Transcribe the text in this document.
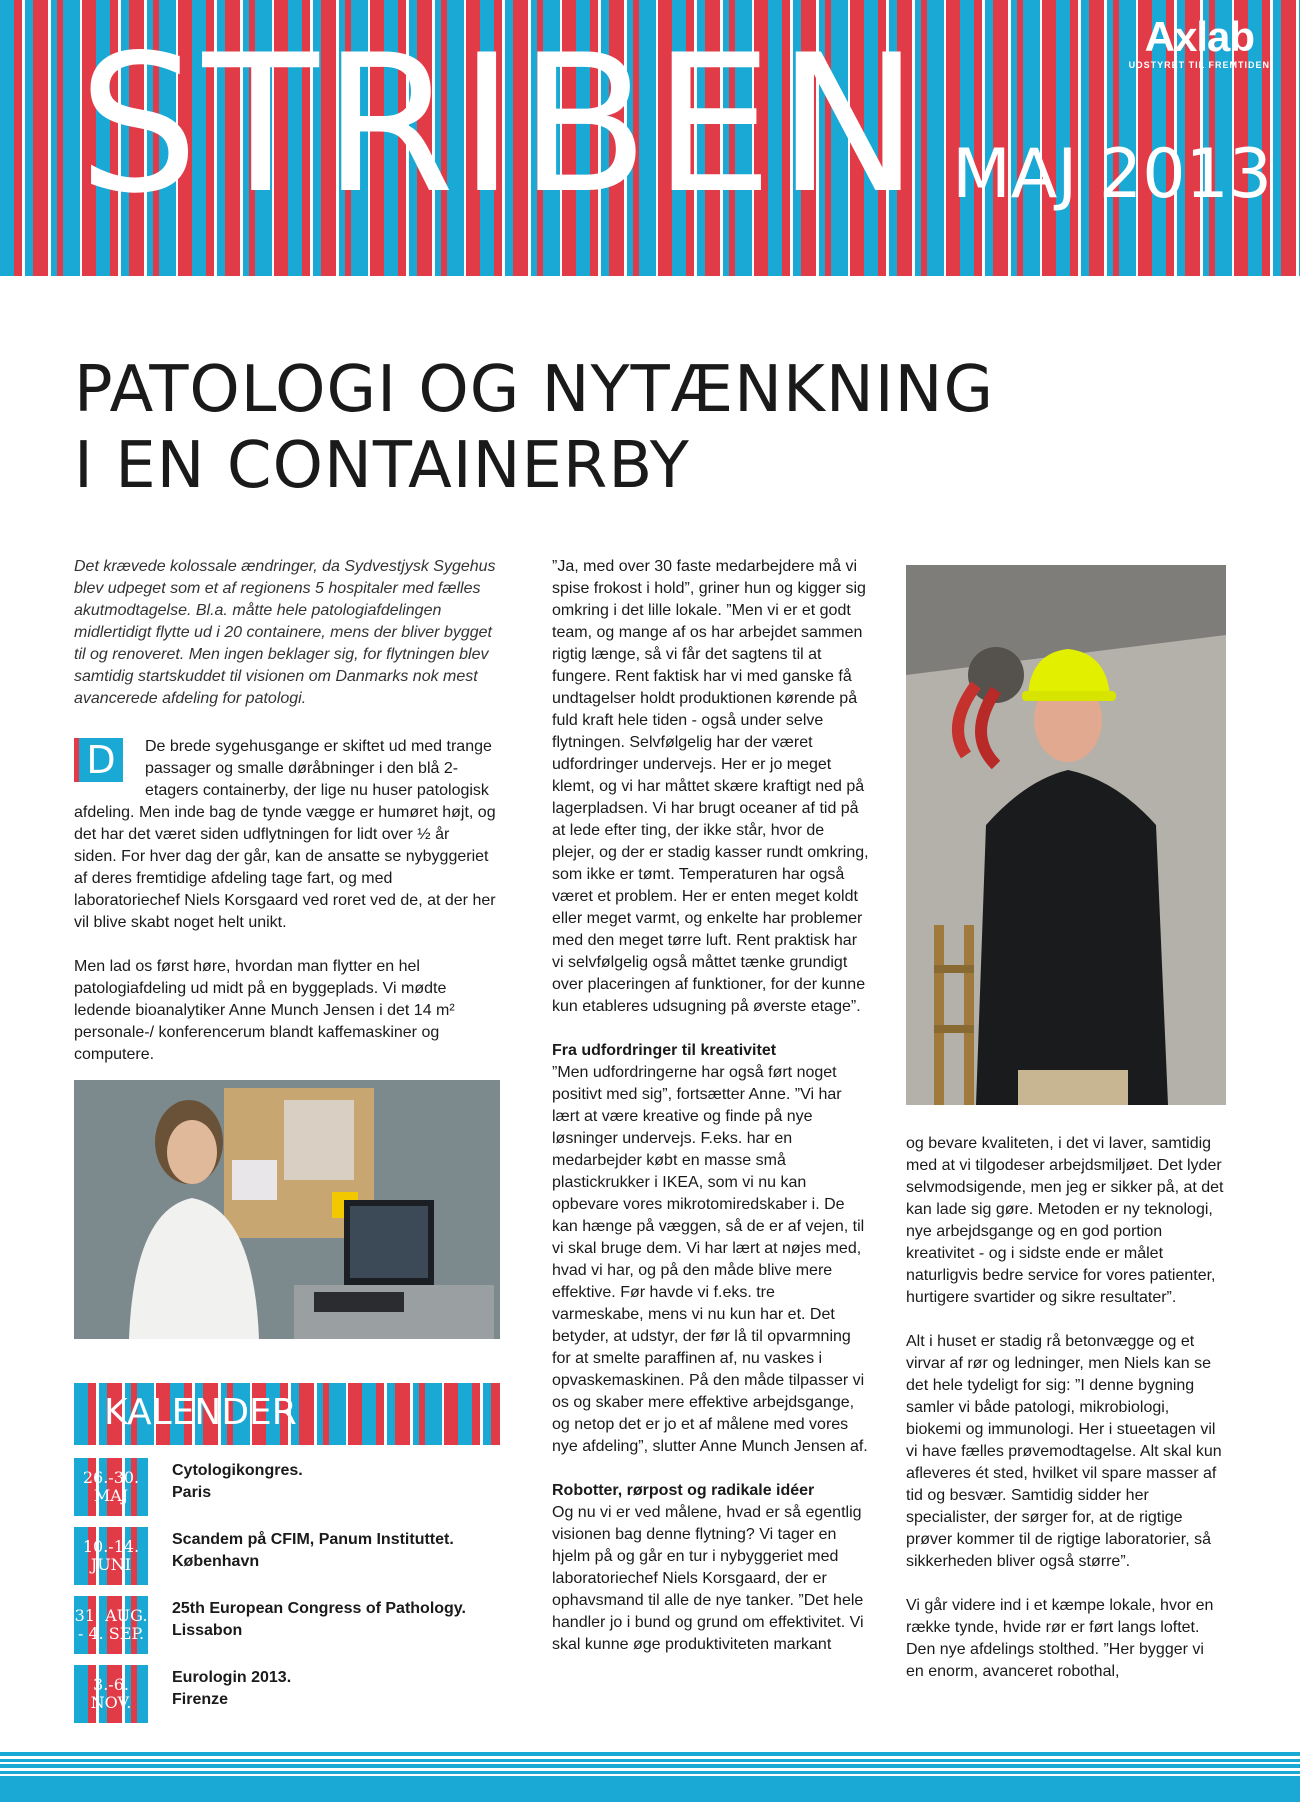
STRIBEN MAJ 2013
Axlab
UDSTYRET TIL FREMTIDEN
PATOLOGI OG NYTÆNKNING
I EN CONTAINERBY

Det krævede kolossale ændringer, da Sydvestjysk Sygehus blev udpeget som et af regionens 5 hospitaler med fælles akutmodtagelse. Bl.a. måtte hele patologiafdelingen midlertidigt flytte ud i 20 containere, mens der bliver bygget til og renoveret. Men ingen beklager sig, for flytningen blev samtidig startskuddet til visionen om Danmarks nok mest avancerede afdeling for patologi.

D	De brede sygehusgange er skiftet ud med trange passager og smalle døråbninger i den blå 2-etagers containerby, der lige nu huser patologisk afdeling. Men inde bag de tynde vægge er humøret højt, og det har det været siden udflytningen for lidt over ½ år siden. For hver dag der går, kan de ansatte se nybyggeriet af deres fremtidige afdeling tage fart, og med laboratoriechef Niels Korsgaard ved roret ved de, at der her vil blive skabt noget helt unikt.

Men lad os først høre, hvordan man flytter en hel patologiafdeling ud midt på en byggeplads. Vi mødte ledende bioanalytiker Anne Munch Jensen i det 14 m² personale-/ konferencerum blandt kaffemaskiner og computere.

KALENDER
26.-30.
MAJ
Cytologikongres.
Paris
10.-14.
JUNI
Scandem på CFIM, Panum Instituttet.
København
31. AUG.
- 4. SEP.
25th European Congress of Pathology.
Lissabon
3.-6.
NOV.
Eurologin 2013.
Firenze

”Ja, med over 30 faste medarbejdere må vi spise frokost i hold”, griner hun og kigger sig omkring i det lille lokale. ”Men vi er et godt team, og mange af os har arbejdet sammen rigtig længe, så vi får det sagtens til at fungere. Rent faktisk har vi med ganske få undtagelser holdt produktionen kørende på fuld kraft hele tiden - også under selve flytningen. Selvfølgelig har der været udfordringer undervejs. Her er jo meget klemt, og vi har måttet skære kraftigt ned på lagerpladsen. Vi har brugt oceaner af tid på at lede efter ting, der ikke står, hvor de plejer, og der er stadig kasser rundt omkring, som ikke er tømt. Temperaturen har også været et problem. Her er enten meget koldt eller meget varmt, og enkelte har problemer med den meget tørre luft. Rent praktisk har vi selvfølgelig også måttet tænke grundigt over placeringen af funktioner, for der kunne kun etableres udsugning på øverste etage”.

Fra udfordringer til kreativitet

”Men udfordringerne har også ført noget positivt med sig”, fortsætter Anne. ”Vi har lært at være kreative og finde på nye løsninger undervejs. F.eks. har en medarbejder købt en masse små plastickrukker i IKEA, som vi nu kan opbevare vores mikrotomiredskaber i. De kan hænge på væggen, så de er af vejen, til vi skal bruge dem. Vi har lært at nøjes med, hvad vi har, og på den måde blive mere effektive. Før havde vi f.eks. tre varmeskabe, mens vi nu kun har et. Det betyder, at udstyr, der før lå til opvarmning for at smelte paraffinen af, nu vaskes i opvaskemaskinen. På den måde tilpasser vi os og skaber mere effektive arbejdsgange, og netop det er jo et af målene med vores nye afdeling”, slutter Anne Munch Jensen af.

Robotter, rørpost og radikale idéer

Og nu vi er ved målene, hvad er så egentlig visionen bag denne flytning? Vi tager en hjelm på og går en tur i nybyggeriet med laboratoriechef Niels Korsgaard, der er ophavsmand til alle de nye tanker. ”Det hele handler jo i bund og grund om effektivitet. Vi skal kunne øge produktiviteten markant

og bevare kvaliteten, i det vi laver, samtidig med at vi tilgodeser arbejdsmiljøet. Det lyder selvmodsigende, men jeg er sikker på, at det kan lade sig gøre. Metoden er ny teknologi, nye arbejdsgange og en god portion kreativitet - og i sidste ende er målet naturligvis bedre service for vores patienter, hurtigere svartider og sikre resultater”.

Alt i huset er stadig rå betonvægge og et virvar af rør og ledninger, men Niels kan se det hele tydeligt for sig: ”I denne bygning samler vi både patologi, mikrobiologi, biokemi og immunologi. Her i stueetagen vil vi have fælles prøvemodtagelse. Alt skal kun afleveres ét sted, hvilket vil spare masser af tid og besvær. Samtidig sidder her specialister, der sørger for, at de rigtige prøver kommer til de rigtige laboratorier, så sikkerheden bliver også større”.

Vi går videre ind i et kæmpe lokale, hvor en række tynde, hvide rør er ført langs loftet. Den nye afdelings stolthed. ”Her bygger vi en enorm, avanceret robothal,
